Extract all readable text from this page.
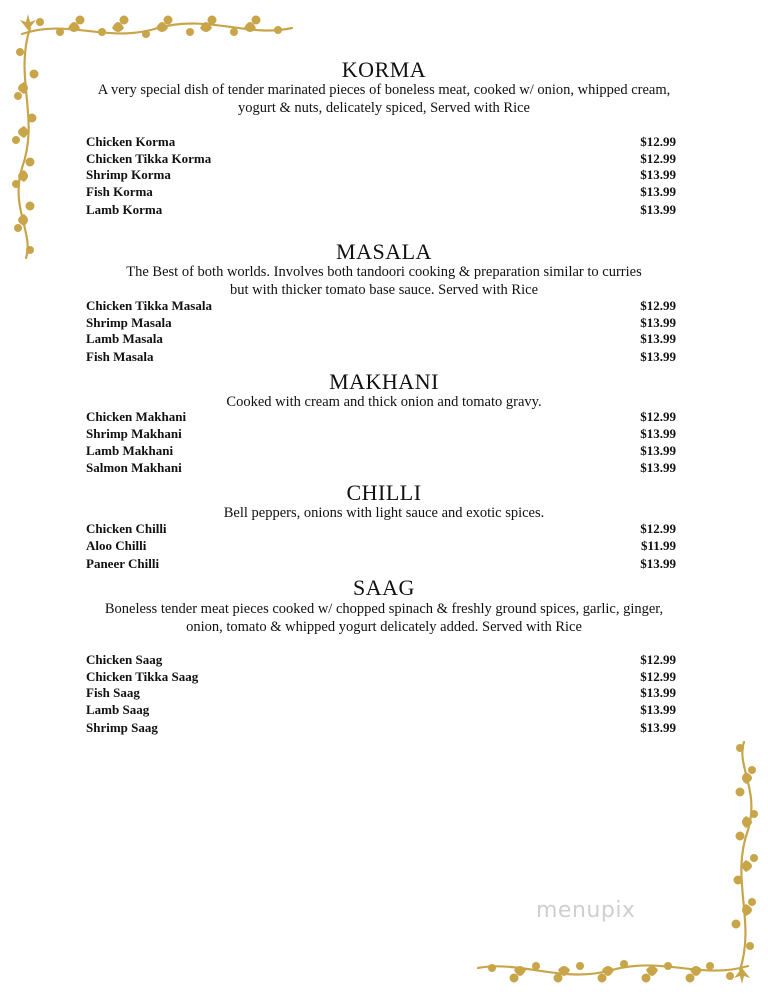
KORMA
A very special dish of tender marinated pieces of boneless meat, cooked w/ onion, whipped cream,
yogurt & nuts, delicately spiced, Served with Rice
Chicken Korma	$12.99
Chicken Tikka Korma	$12.99
Shrimp Korma	$13.99
Fish Korma	$13.99
Lamb Korma	$13.99
MASALA
The Best of both worlds. Involves both tandoori cooking & preparation similar to curries
but with thicker tomato base sauce. Served with Rice
Chicken Tikka Masala	$12.99
Shrimp Masala	$13.99
Lamb Masala	$13.99
Fish Masala	$13.99
MAKHANI
Cooked with cream and thick onion and tomato gravy.
Chicken Makhani	$12.99
Shrimp Makhani	$13.99
Lamb Makhani	$13.99
Salmon Makhani	$13.99
CHILLI
Bell peppers, onions with light sauce and exotic spices.
Chicken Chilli	$12.99
Aloo Chilli	$11.99
Paneer Chilli	$13.99
SAAG
Boneless tender meat pieces cooked w/ chopped spinach & freshly ground spices, garlic, ginger,
onion, tomato & whipped yogurt delicately added. Served with Rice
Chicken Saag	$12.99
Chicken Tikka Saag	$12.99
Fish Saag	$13.99
Lamb Saag	$13.99
Shrimp Saag	$13.99
menupix
